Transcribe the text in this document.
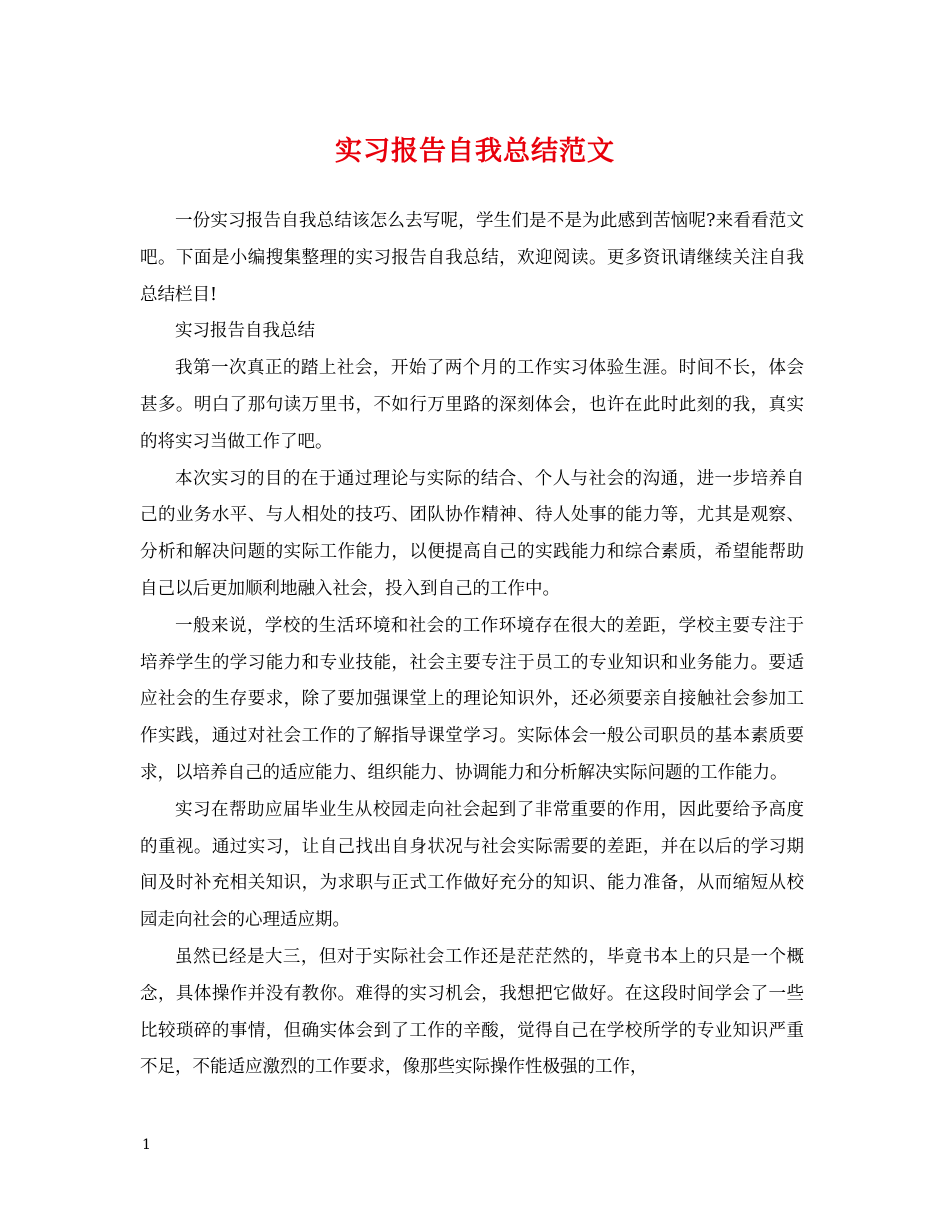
实习报告自我总结范文

一份实习报告自我总结该怎么去写呢，学生们是不是为此感到苦恼呢?来看看范文吧。下面是小编搜集整理的实习报告自我总结，欢迎阅读。更多资讯请继续关注自我总结栏目!

实习报告自我总结

我第一次真正的踏上社会，开始了两个月的工作实习体验生涯。时间不长，体会甚多。明白了那句读万里书，不如行万里路的深刻体会，也许在此时此刻的我，真实的将实习当做工作了吧。

本次实习的目的在于通过理论与实际的结合、个人与社会的沟通，进一步培养自己的业务水平、与人相处的技巧、团队协作精神、待人处事的能力等，尤其是观察、分析和解决问题的实际工作能力，以便提高自己的实践能力和综合素质，希望能帮助自己以后更加顺利地融入社会，投入到自己的工作中。

一般来说，学校的生活环境和社会的工作环境存在很大的差距，学校主要专注于培养学生的学习能力和专业技能，社会主要专注于员工的专业知识和业务能力。要适应社会的生存要求，除了要加强课堂上的理论知识外，还必须要亲自接触社会参加工作实践，通过对社会工作的了解指导课堂学习。实际体会一般公司职员的基本素质要求，以培养自己的适应能力、组织能力、协调能力和分析解决实际问题的工作能力。

实习在帮助应届毕业生从校园走向社会起到了非常重要的作用，因此要给予高度的重视。通过实习，让自己找出自身状况与社会实际需要的差距，并在以后的学习期间及时补充相关知识，为求职与正式工作做好充分的知识、能力准备，从而缩短从校园走向社会的心理适应期。

虽然已经是大三，但对于实际社会工作还是茫茫然的，毕竟书本上的只是一个概念，具体操作并没有教你。难得的实习机会，我想把它做好。在这段时间学会了一些比较琐碎的事情，但确实体会到了工作的辛酸，觉得自己在学校所学的专业知识严重不足，不能适应激烈的工作要求，像那些实际操作性极强的工作，

1
